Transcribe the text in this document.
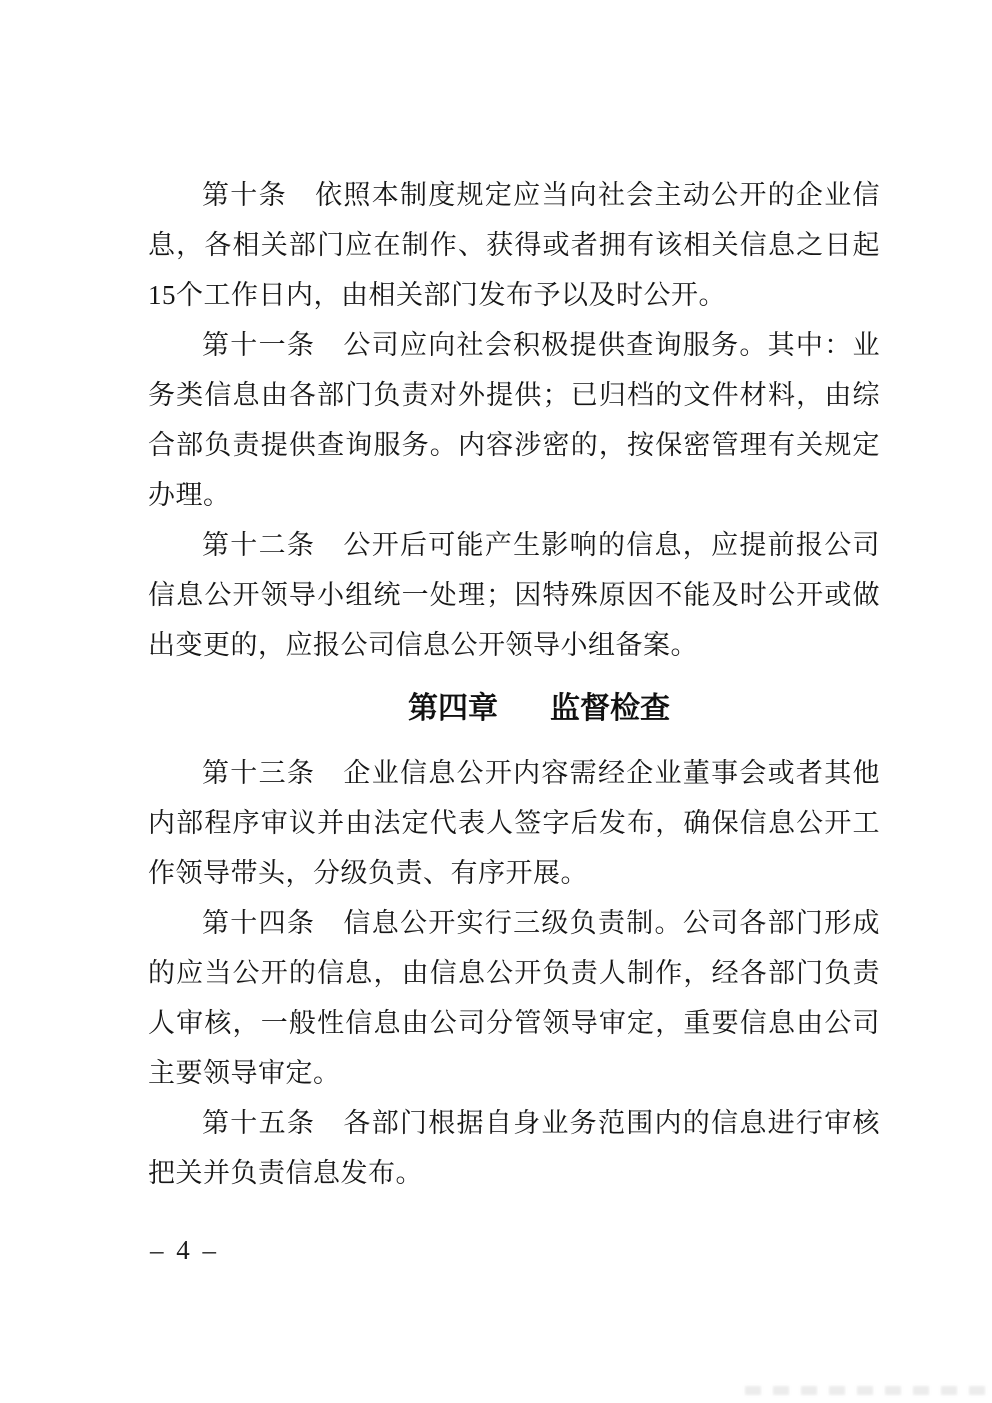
第十条　依照本制度规定应当向社会主动公开的企业信息，各相关部门应在制作、获得或者拥有该相关信息之日起15个工作日内，由相关部门发布予以及时公开。

第十一条　公司应向社会积极提供查询服务。其中：业务类信息由各部门负责对外提供；已归档的文件材料，由综合部负责提供查询服务。内容涉密的，按保密管理有关规定办理。

第十二条　公开后可能产生影响的信息，应提前报公司信息公开领导小组统一处理；因特殊原因不能及时公开或做出变更的，应报公司信息公开领导小组备案。

第四章 监督检查

第十三条　企业信息公开内容需经企业董事会或者其他内部程序审议并由法定代表人签字后发布，确保信息公开工作领导带头，分级负责、有序开展。

第十四条　信息公开实行三级负责制。公司各部门形成的应当公开的信息，由信息公开负责人制作，经各部门负责人审核，一般性信息由公司分管领导审定，重要信息由公司主要领导审定。

第十五条　各部门根据自身业务范围内的信息进行审核把关并负责信息发布。

– 4 –
